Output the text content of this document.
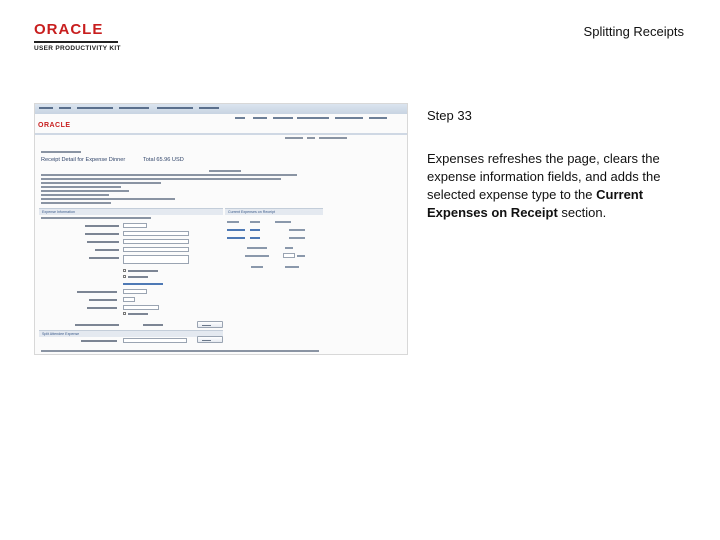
ORACLE
USER PRODUCTIVITY KIT
Splitting Receipts
Step 33
Expenses refreshes the page, clears the expense information fields, and adds the selected expense type to the Current Expenses on Receipt section.
ORACLE
Receipt Detail for Expense Dinner	Total 65.96 USD
Expense Information
Split Attendee Expense
Current Expenses on Receipt
